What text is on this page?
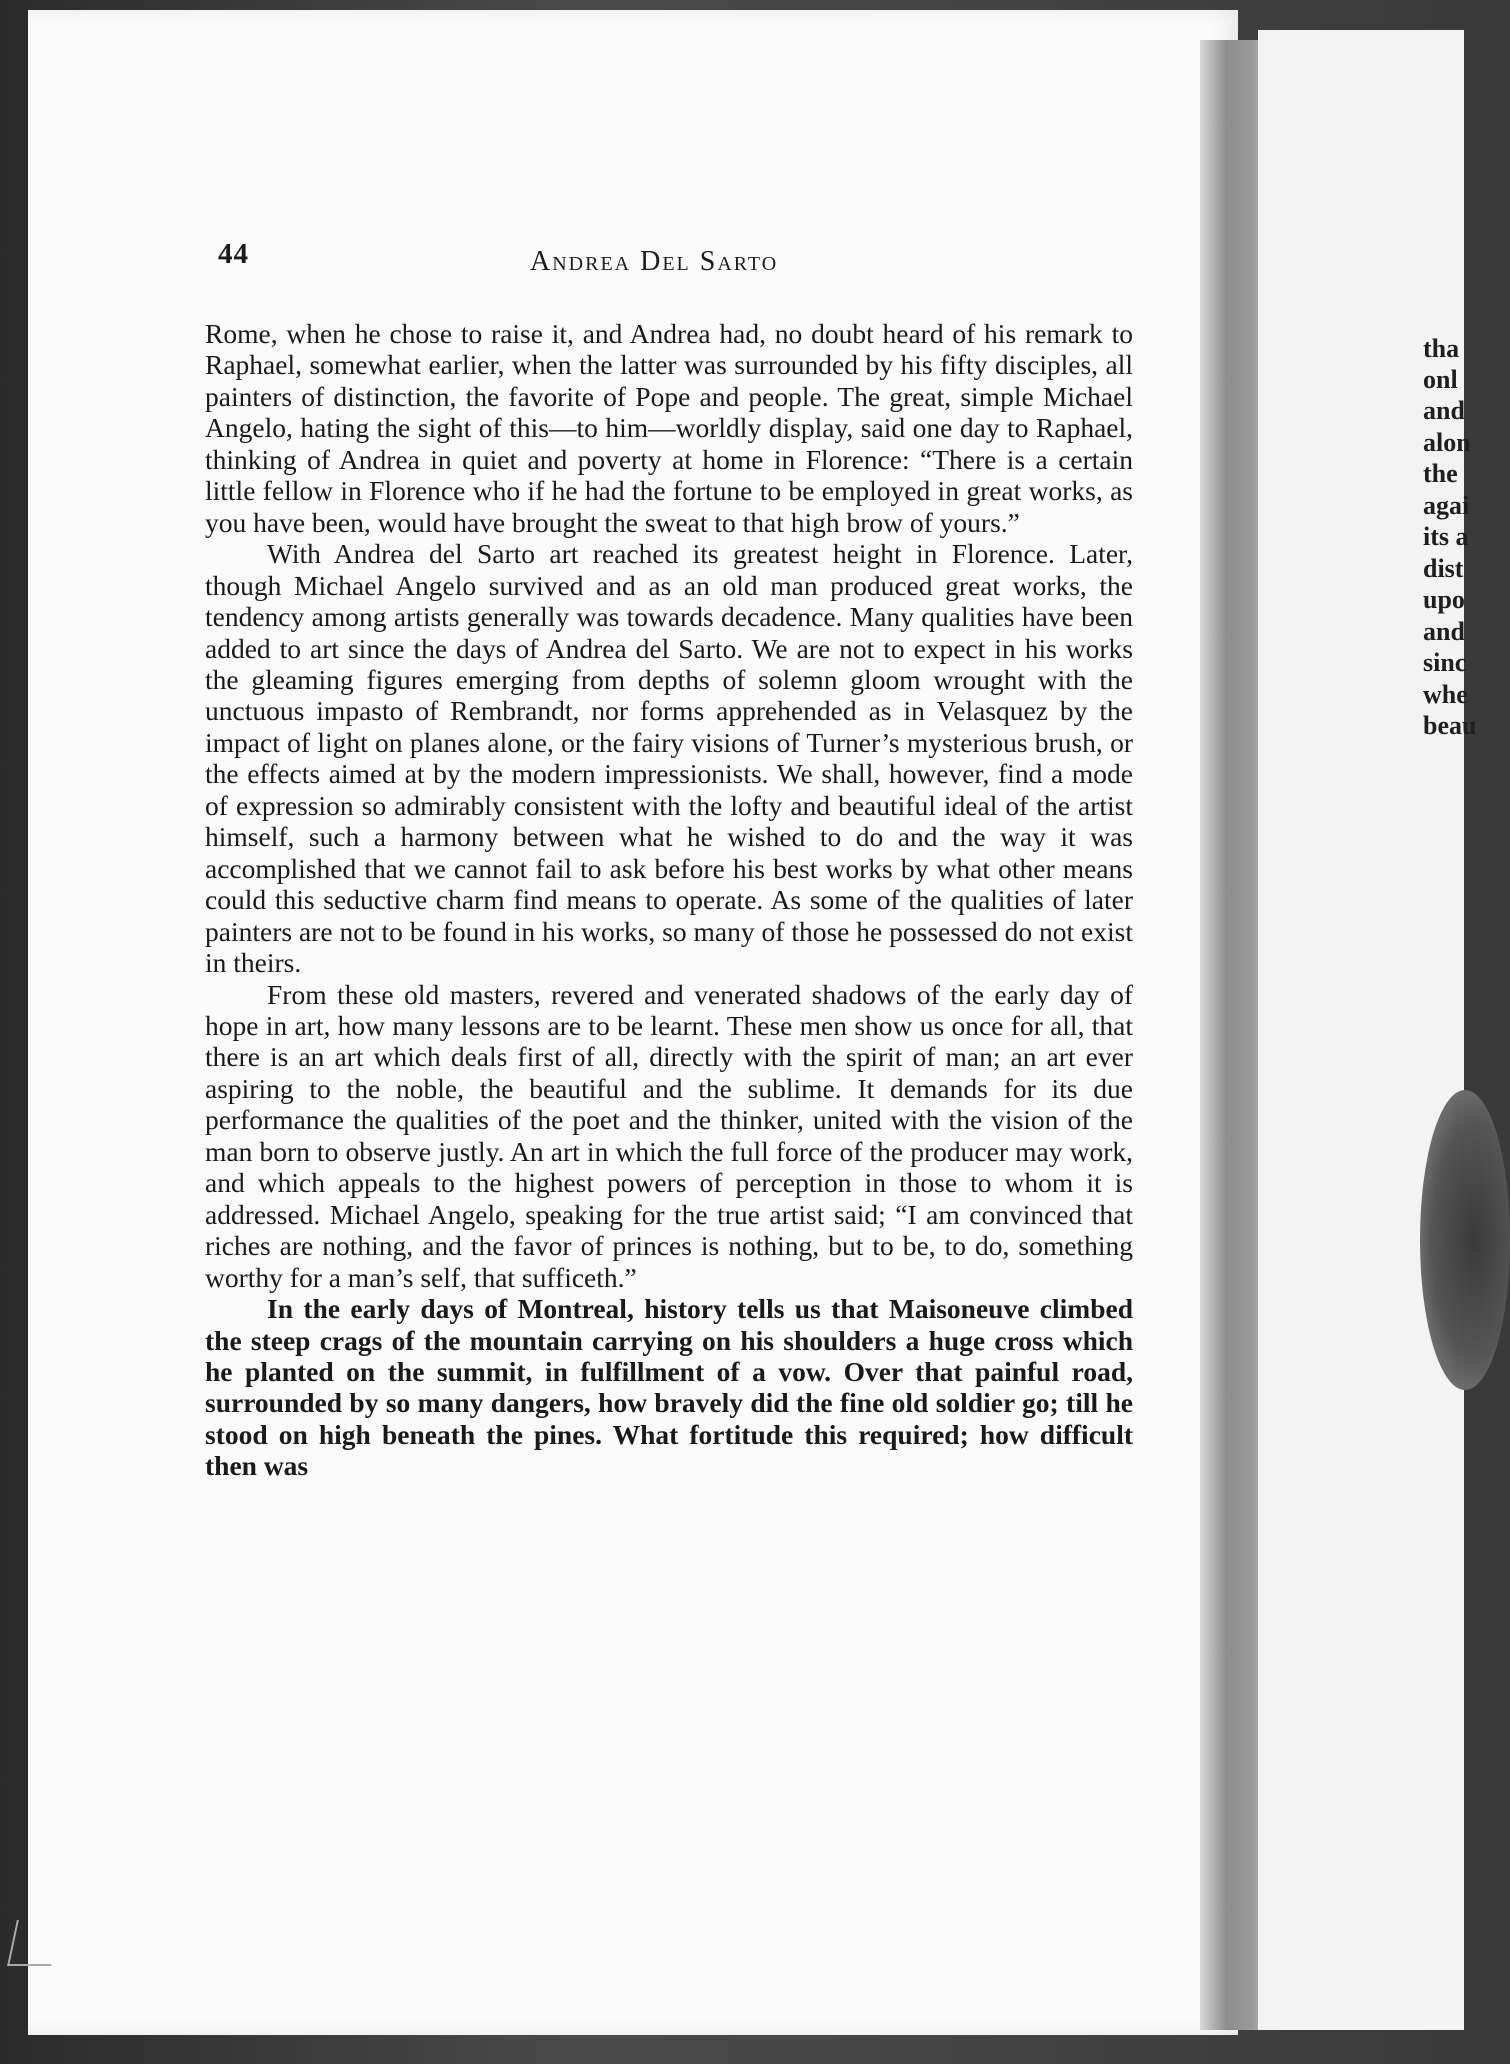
44	Andrea Del Sarto

Rome, when he chose to raise it, and Andrea had, no doubt heard of his remark to Raphael, somewhat earlier, when the latter was surrounded by his fifty disciples, all painters of distinction, the favorite of Pope and people. The great, simple Michael Angelo, hating the sight of this—to him—worldly display, said one day to Raphael, thinking of Andrea in quiet and poverty at home in Florence: “There is a certain little fellow in Florence who if he had the fortune to be employed in great works, as you have been, would have brought the sweat to that high brow of yours.”

With Andrea del Sarto art reached its greatest height in Florence. Later, though Michael Angelo survived and as an old man produced great works, the tendency among artists generally was towards decadence. Many qualities have been added to art since the days of Andrea del Sarto. We are not to expect in his works the gleaming figures emerging from depths of solemn gloom wrought with the unctuous impasto of Rembrandt, nor forms apprehended as in Velasquez by the impact of light on planes alone, or the fairy visions of Turner’s mysterious brush, or the effects aimed at by the modern impressionists. We shall, however, find a mode of expression so admirably consistent with the lofty and beautiful ideal of the artist himself, such a harmony between what he wished to do and the way it was accomplished that we cannot fail to ask before his best works by what other means could this seductive charm find means to operate. As some of the qualities of later painters are not to be found in his works, so many of those he possessed do not exist in theirs.

From these old masters, revered and venerated shadows of the early day of hope in art, how many lessons are to be learnt. These men show us once for all, that there is an art which deals first of all, directly with the spirit of man; an art ever aspiring to the noble, the beautiful and the sublime. It demands for its due performance the qualities of the poet and the thinker, united with the vision of the man born to observe justly. An art in which the full force of the producer may work, and which appeals to the highest powers of perception in those to whom it is addressed. Michael Angelo, speaking for the true artist said; “I am convinced that riches are nothing, and the favor of princes is nothing, but to be, to do, something worthy for a man’s self, that sufficeth.”

In the early days of Montreal, history tells us that Maisoneuve climbed the steep crags of the mountain carrying on his shoulders a huge cross which he planted on the summit, in fulfillment of a vow. Over that painful road, surrounded by so many dangers, how bravely did the fine old soldier go; till he stood on high beneath the pines. What fortitude this required; how difficult then was

tha
onl
and
alon
the
agai
its a
dist
upo
and
sinc
whe
beau
